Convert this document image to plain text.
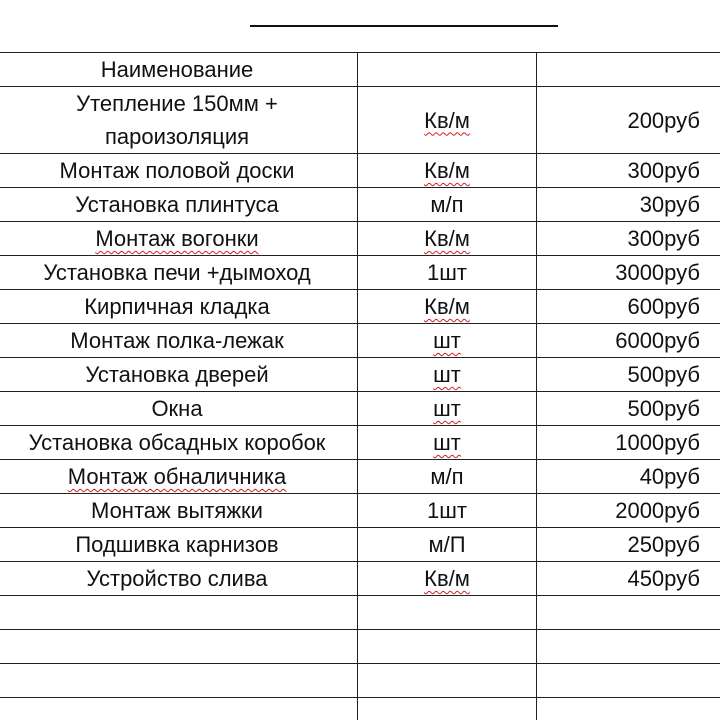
Наименование		
Утепление 150мм + пароизоляция	Кв/м	200руб
Монтаж половой доски	Кв/м	300руб
Установка плинтуса	м/п	30руб
Монтаж вогонки	Кв/м	300руб
Установка печи +дымоход	1шт	3000руб
Кирпичная кладка	Кв/м	600руб
Монтаж полка-лежак	шт	6000руб
Установка дверей	шт	500руб
Окна	шт	500руб
Установка обсадных коробок	шт	1000руб
Монтаж обналичника	м/п	40руб
Монтаж вытяжки	1шт	2000руб
Подшивка карнизов	м/П	250руб
Устройство слива	Кв/м	450руб
